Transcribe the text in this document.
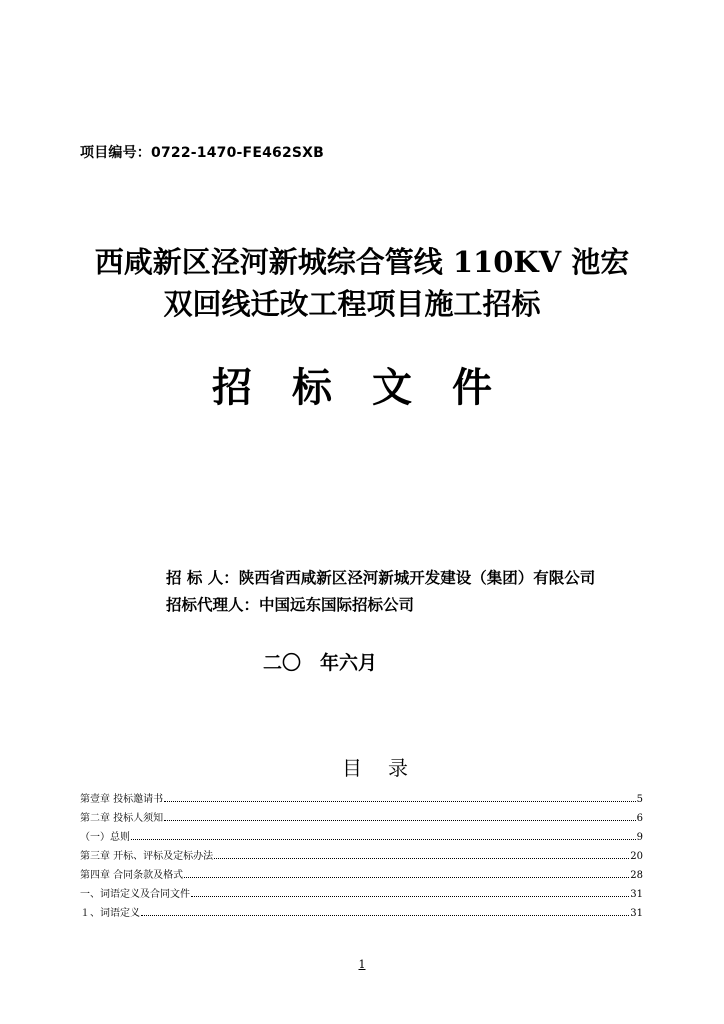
项目编号：0722-1470-FE462SXB
西咸新区泾河新城综合管线 110KV 池宏
双回线迁改工程项目施工招标
招标文件
招 标 人： 陕西省西咸新区泾河新城开发建设（集团）有限公司
招标代理人： 中国远东国际招标公司
二〇　年六月
目录
第壹章 投标邀请书	5
第二章 投标人须知	6
（一）总则	9
第三章 开标、评标及定标办法	20
第四章 合同条款及格式	28
一、词语定义及合同文件	31
１、词语定义	31
1
